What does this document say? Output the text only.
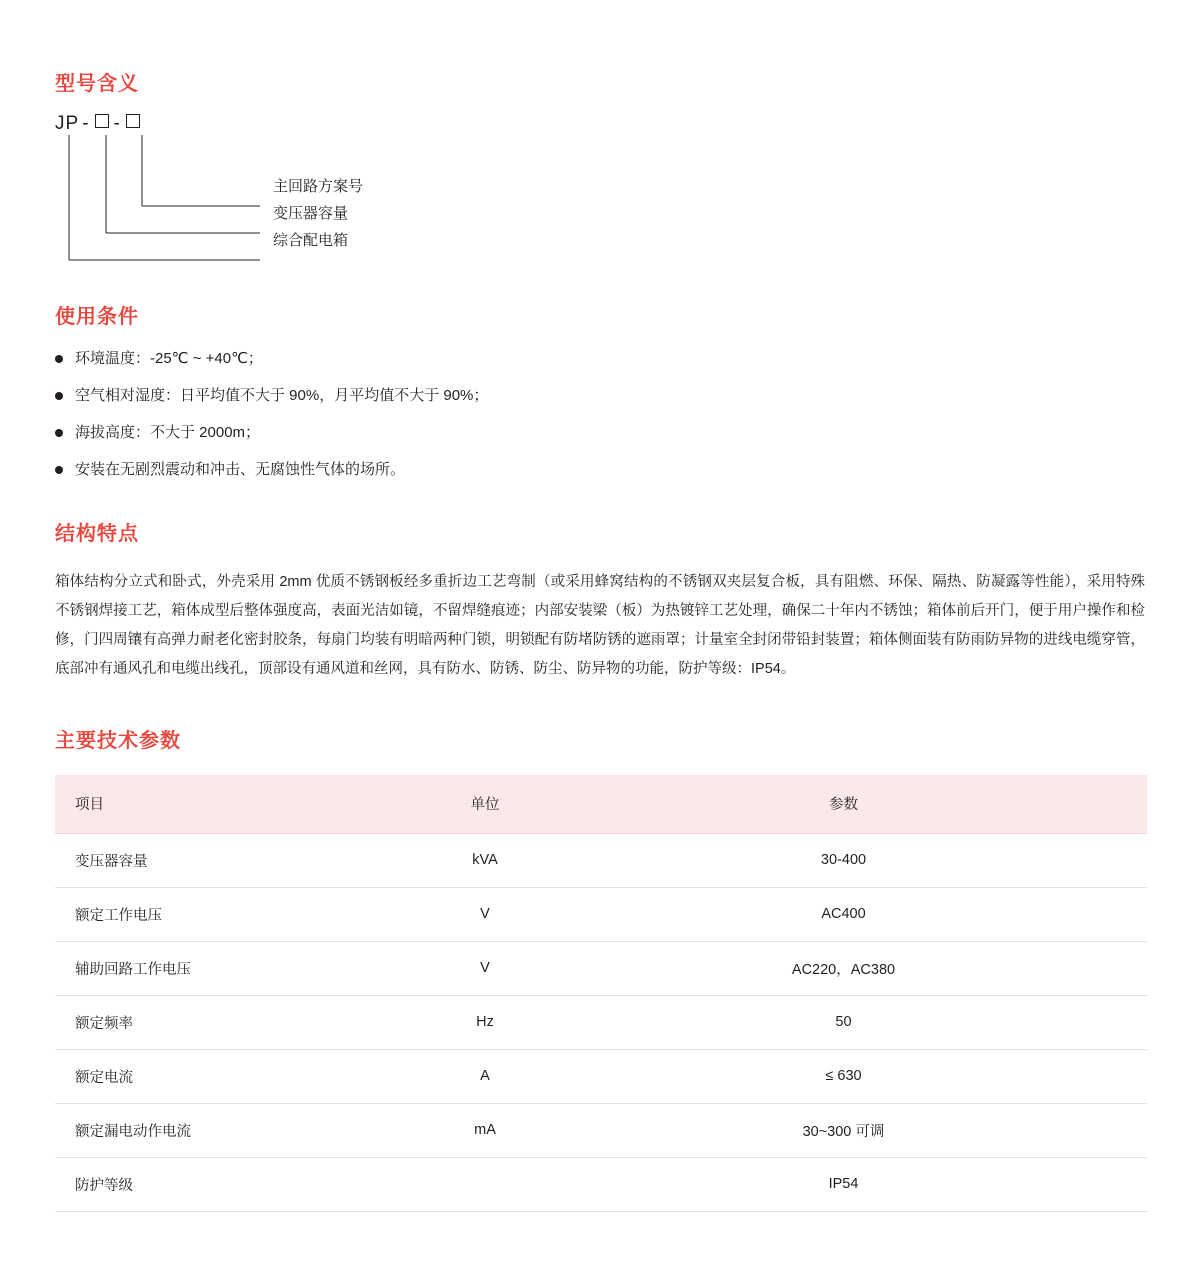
型号含义
JP - -
主回路方案号
变压器容量
综合配电箱
使用条件
环境温度：-25℃ ~ +40℃；
空气相对湿度：日平均值不大于 90%，月平均值不大于 90%；
海拔高度：不大于 2000m；
安装在无剧烈震动和冲击、无腐蚀性气体的场所。
结构特点

箱体结构分立式和卧式，外壳采用 2mm 优质不锈钢板经多重折边工艺弯制（或采用蜂窝结构的不锈钢双夹层复合板，具有阻燃、环保、隔热、防凝露等性能），采用特殊不锈钢焊接工艺，箱体成型后整体强度高，表面光洁如镜，不留焊缝痕迹；内部安装梁（板）为热镀锌工艺处理，确保二十年内不锈蚀；箱体前后开门，便于用户操作和检修，门四周镶有高弹力耐老化密封胶条，每扇门均装有明暗两种门锁，明锁配有防堵防锈的遮雨罩；计量室全封闭带铅封装置；箱体侧面装有防雨防异物的进线电缆穿管，底部冲有通风孔和电缆出线孔，顶部设有通风道和丝网，具有防水、防锈、防尘、防异物的功能，防护等级：IP54。

主要技术参数
项目	单位	参数
变压器容量	kVA	30-400
额定工作电压	V	AC400
辅助回路工作电压	V	AC220，AC380
额定频率	Hz	50
额定电流	A	≤ 630
额定漏电动作电流	mA	30~300 可调
防护等级		IP54
